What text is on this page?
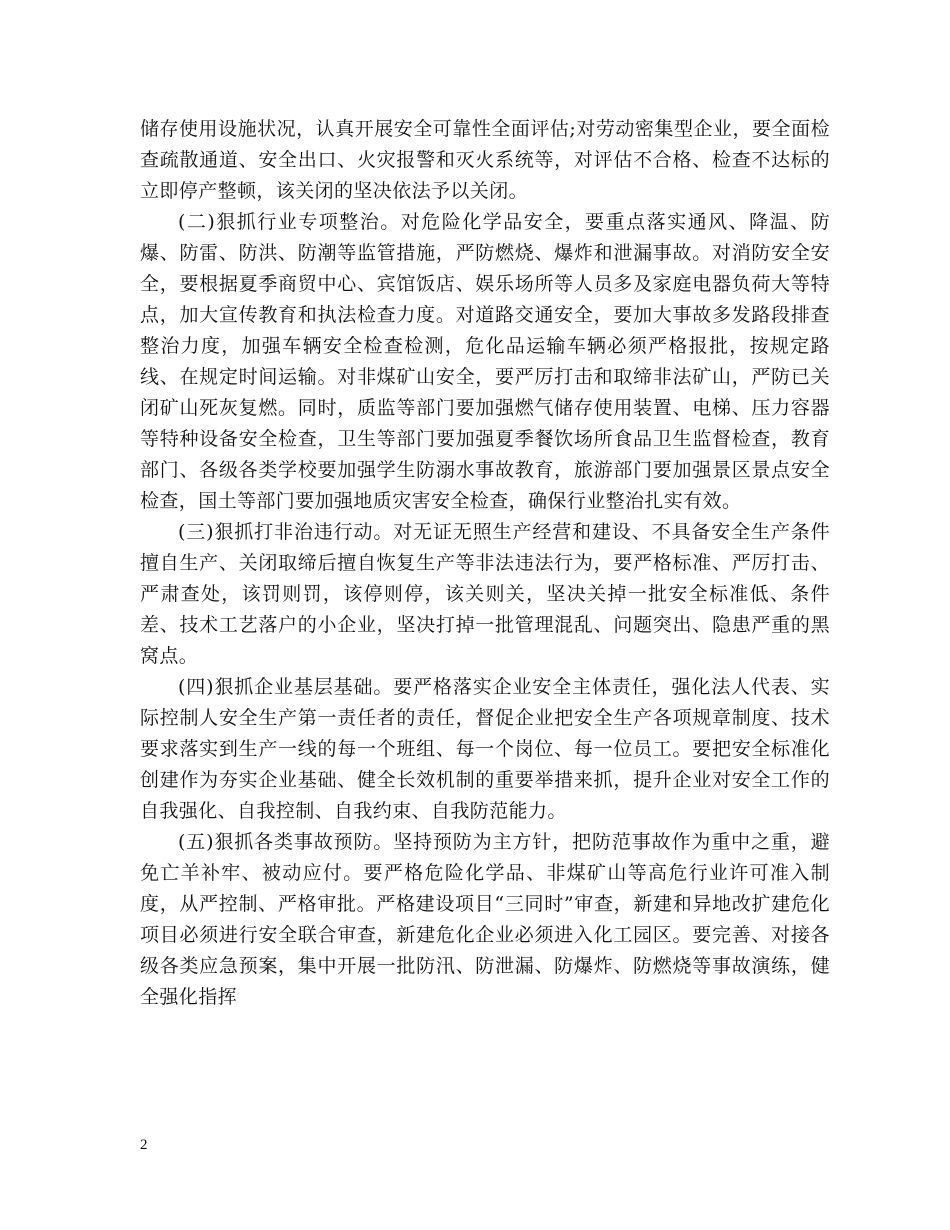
储存使用设施状况，认真开展安全可靠性全面评估;对劳动密集型企业，要全面检查疏散通道、安全出口、火灾报警和灭火系统等，对评估不合格、检查不达标的立即停产整顿，该关闭的坚决依法予以关闭。

(二)狠抓行业专项整治。对危险化学品安全，要重点落实通风、降温、防爆、防雷、防洪、防潮等监管措施，严防燃烧、爆炸和泄漏事故。对消防安全安全，要根据夏季商贸中心、宾馆饭店、娱乐场所等人员多及家庭电器负荷大等特点，加大宣传教育和执法检查力度。对道路交通安全，要加大事故多发路段排查整治力度，加强车辆安全检查检测，危化品运输车辆必须严格报批，按规定路线、在规定时间运输。对非煤矿山安全，要严厉打击和取缔非法矿山，严防已关闭矿山死灰复燃。同时，质监等部门要加强燃气储存使用装置、电梯、压力容器等特种设备安全检查，卫生等部门要加强夏季餐饮场所食品卫生监督检查，教育部门、各级各类学校要加强学生防溺水事故教育，旅游部门要加强景区景点安全检查，国土等部门要加强地质灾害安全检查，确保行业整治扎实有效。

(三)狠抓打非治违行动。对无证无照生产经营和建设、不具备安全生产条件擅自生产、关闭取缔后擅自恢复生产等非法违法行为，要严格标准、严厉打击、严肃查处，该罚则罚，该停则停，该关则关，坚决关掉一批安全标准低、条件差、技术工艺落户的小企业，坚决打掉一批管理混乱、问题突出、隐患严重的黑窝点。

(四)狠抓企业基层基础。要严格落实企业安全主体责任，强化法人代表、实际控制人安全生产第一责任者的责任，督促企业把安全生产各项规章制度、技术要求落实到生产一线的每一个班组、每一个岗位、每一位员工。要把安全标准化创建作为夯实企业基础、健全长效机制的重要举措来抓，提升企业对安全工作的自我强化、自我控制、自我约束、自我防范能力。

(五)狠抓各类事故预防。坚持预防为主方针，把防范事故作为重中之重，避免亡羊补牢、被动应付。要严格危险化学品、非煤矿山等高危行业许可准入制度，从严控制、严格审批。严格建设项目“三同时”审查，新建和异地改扩建危化项目必须进行安全联合审查，新建危化企业必须进入化工园区。要完善、对接各级各类应急预案，集中开展一批防汛、防泄漏、防爆炸、防燃烧等事故演练，健全强化指挥

2
